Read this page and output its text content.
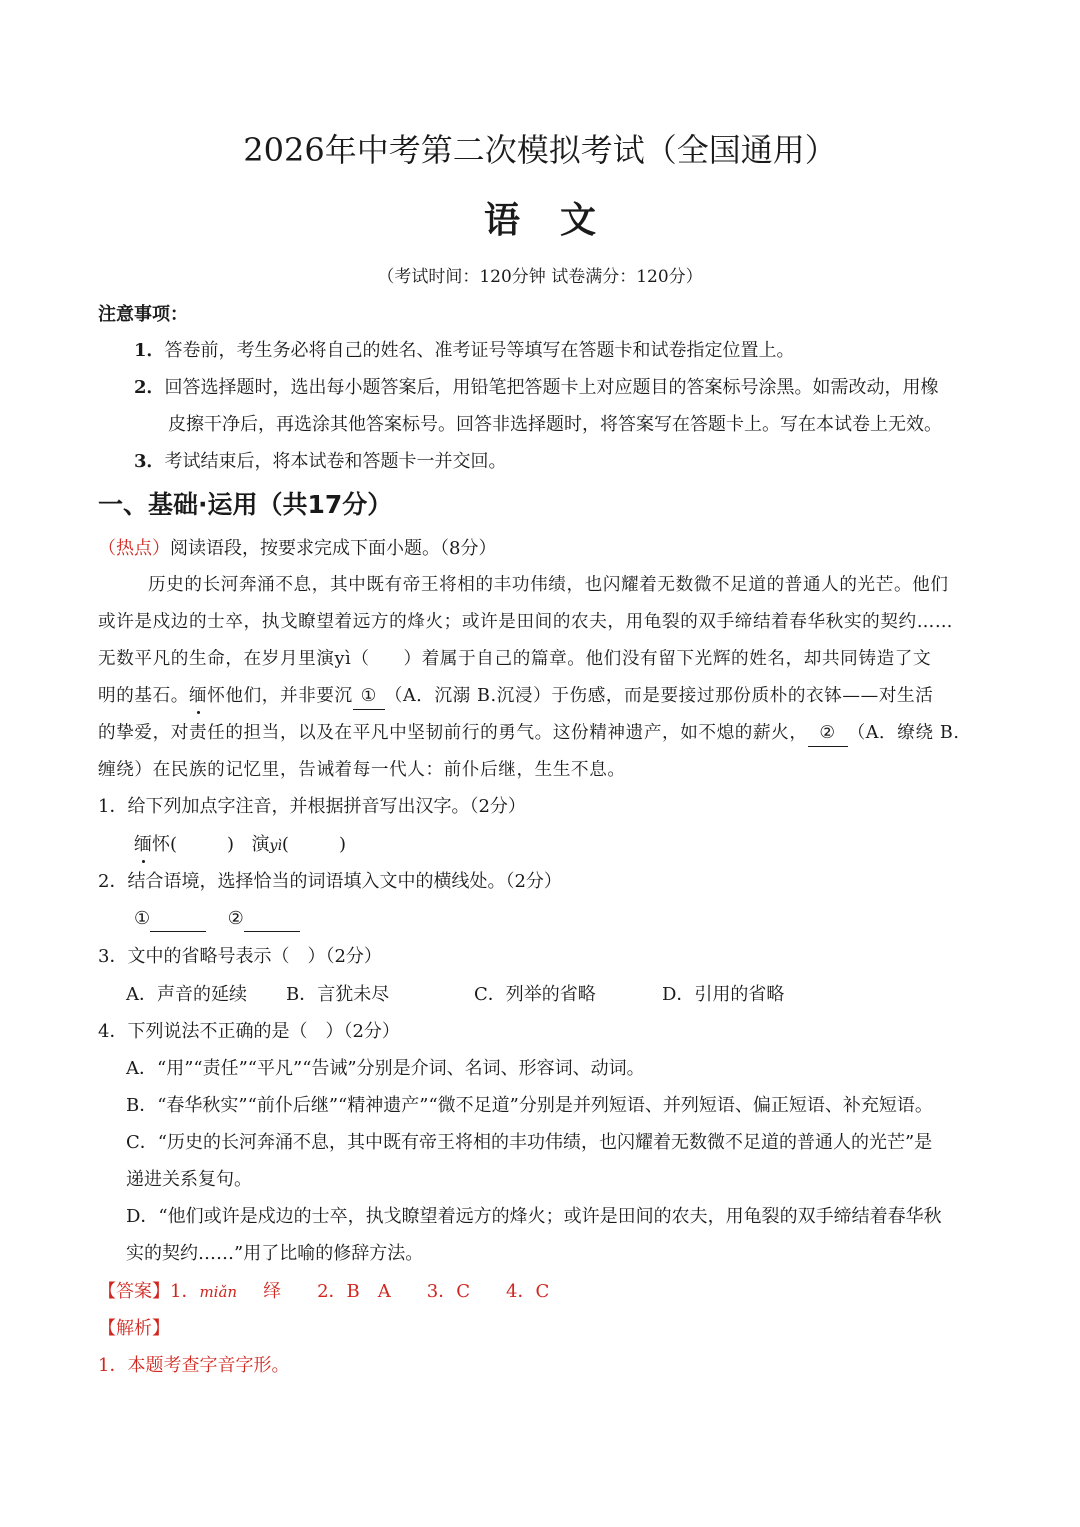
2026年中考第二次模拟考试（全国通用）
语文
（考试时间：120分钟 试卷满分：120分）
注意事项：
1．答卷前，考生务必将自己的姓名、准考证号等填写在答题卡和试卷指定位置上。
2．回答选择题时，选出每小题答案后，用铅笔把答题卡上对应题目的答案标号涂黑。如需改动，用橡
皮擦干净后，再选涂其他答案标号。回答非选择题时，将答案写在答题卡上。写在本试卷上无效。
3．考试结束后，将本试卷和答题卡一并交回。
一、基础·运用（共17分）
（热点）阅读语段，按要求完成下面小题。（8分）
历史的长河奔涌不息，其中既有帝王将相的丰功伟绩，也闪耀着无数微不足道的普通人的光芒。他们
或许是戍边的士卒，执戈瞭望着远方的烽火；或许是田间的农夫，用龟裂的双手缔结着春华秋实的契约……
无数平凡的生命，在岁月里演yì（ ）着属于自己的篇章。他们没有留下光辉的姓名，却共同铸造了文
明的基石。缅怀他们，并非要沉 ① （A．沉溺 B.沉浸）于伤感，而是要接过那份质朴的衣钵——对生活
的挚爱，对责任的担当，以及在平凡中坚韧前行的勇气。这份精神遗产，如不熄的薪火， ② （A．缭绕 B.
缠绕）在民族的记忆里，告诫着每一代人：前仆后继，生生不息。
1．给下列加点字注音，并根据拼音写出汉字。（2分）
缅怀(	) 演yì(	)
2．结合语境，选择恰当的词语填入文中的横线处。（2分）
①	②
3．文中的省略号表示（　）（2分）
A．声音的延续 B．言犹未尽	C．列举的省略	D．引用的省略
4．下列说法不正确的是（　）（2分）
A．“用”“责任”“平凡”“告诫”分别是介词、名词、形容词、动词。
B．“春华秋实”“前仆后继”“精神遗产”“微不足道”分别是并列短语、并列短语、偏正短语、补充短语。
C．“历史的长河奔涌不息，其中既有帝王将相的丰功伟绩，也闪耀着无数微不足道的普通人的光芒”是
递进关系复句。
D．“他们或许是戍边的士卒，执戈瞭望着远方的烽火；或许是田间的农夫，用龟裂的双手缔结着春华秋
实的契约……”用了比喻的修辞方法。
【答案】1．miǎn 绎 2．B　A 3．C 4．C
【解析】
1．本题考查字音字形。
